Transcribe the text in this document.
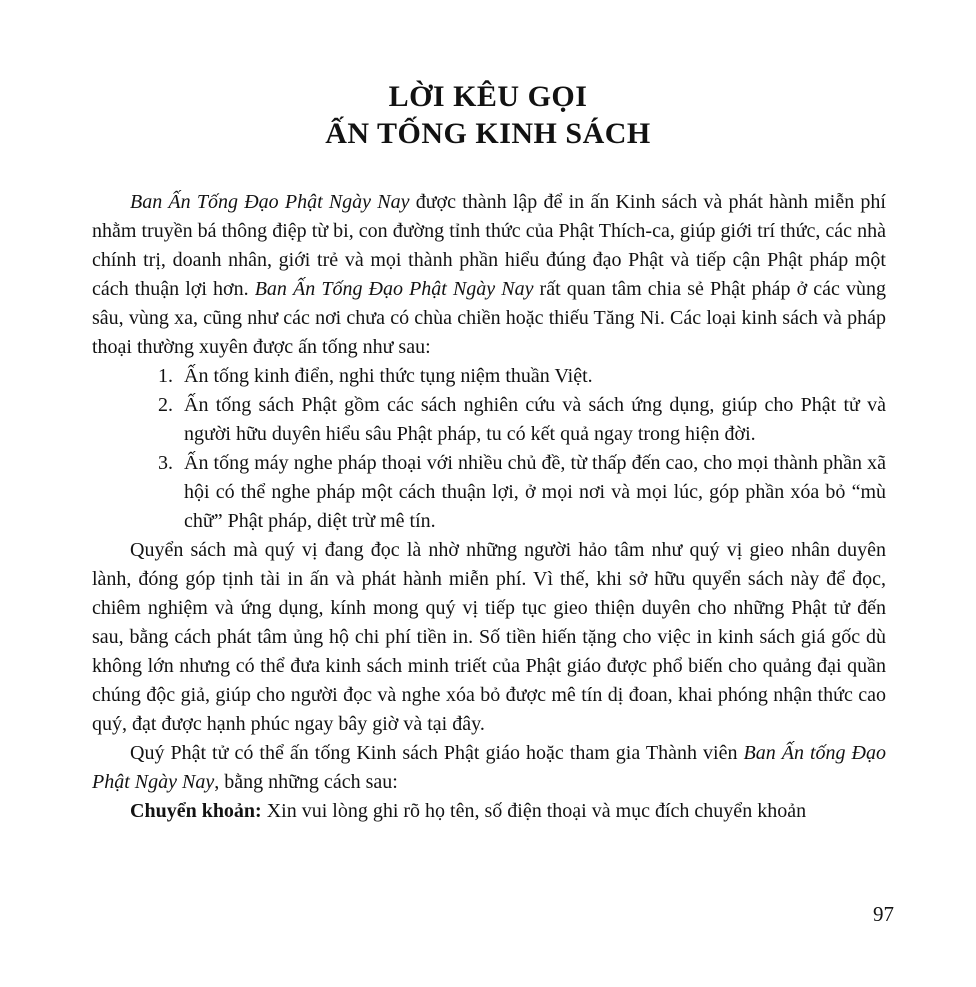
LỜI KÊU GỌI
ẤN TỐNG KINH SÁCH

Ban Ấn Tống Đạo Phật Ngày Nay được thành lập để in ấn Kinh sách và phát hành miễn phí nhằm truyền bá thông điệp từ bi, con đường tỉnh thức của Phật Thích-ca, giúp giới trí thức, các nhà chính trị, doanh nhân, giới trẻ và mọi thành phần hiểu đúng đạo Phật và tiếp cận Phật pháp một cách thuận lợi hơn. Ban Ấn Tống Đạo Phật Ngày Nay rất quan tâm chia sẻ Phật pháp ở các vùng sâu, vùng xa, cũng như các nơi chưa có chùa chiền hoặc thiếu Tăng Ni. Các loại kinh sách và pháp thoại thường xuyên được ấn tống như sau:

1. Ấn tống kinh điển, nghi thức tụng niệm thuần Việt.
2. Ấn tống sách Phật gồm các sách nghiên cứu và sách ứng dụng, giúp cho Phật tử và người hữu duyên hiểu sâu Phật pháp, tu có kết quả ngay trong hiện đời.
3. Ấn tống máy nghe pháp thoại với nhiều chủ đề, từ thấp đến cao, cho mọi thành phần xã hội có thể nghe pháp một cách thuận lợi, ở mọi nơi và mọi lúc, góp phần xóa bỏ “mù chữ” Phật pháp, diệt trừ mê tín.

Quyển sách mà quý vị đang đọc là nhờ những người hảo tâm như quý vị gieo nhân duyên lành, đóng góp tịnh tài in ấn và phát hành miễn phí. Vì thế, khi sở hữu quyển sách này để đọc, chiêm nghiệm và ứng dụng, kính mong quý vị tiếp tục gieo thiện duyên cho những Phật tử đến sau, bằng cách phát tâm ủng hộ chi phí tiền in. Số tiền hiến tặng cho việc in kinh sách giá gốc dù không lớn nhưng có thể đưa kinh sách minh triết của Phật giáo được phổ biến cho quảng đại quần chúng độc giả, giúp cho người đọc và nghe xóa bỏ được mê tín dị đoan, khai phóng nhận thức cao quý, đạt được hạnh phúc ngay bây giờ và tại đây.

Quý Phật tử có thể ấn tống Kinh sách Phật giáo hoặc tham gia Thành viên Ban Ấn tống Đạo Phật Ngày Nay, bằng những cách sau:

Chuyển khoản: Xin vui lòng ghi rõ họ tên, số điện thoại và mục đích chuyển khoản

97
